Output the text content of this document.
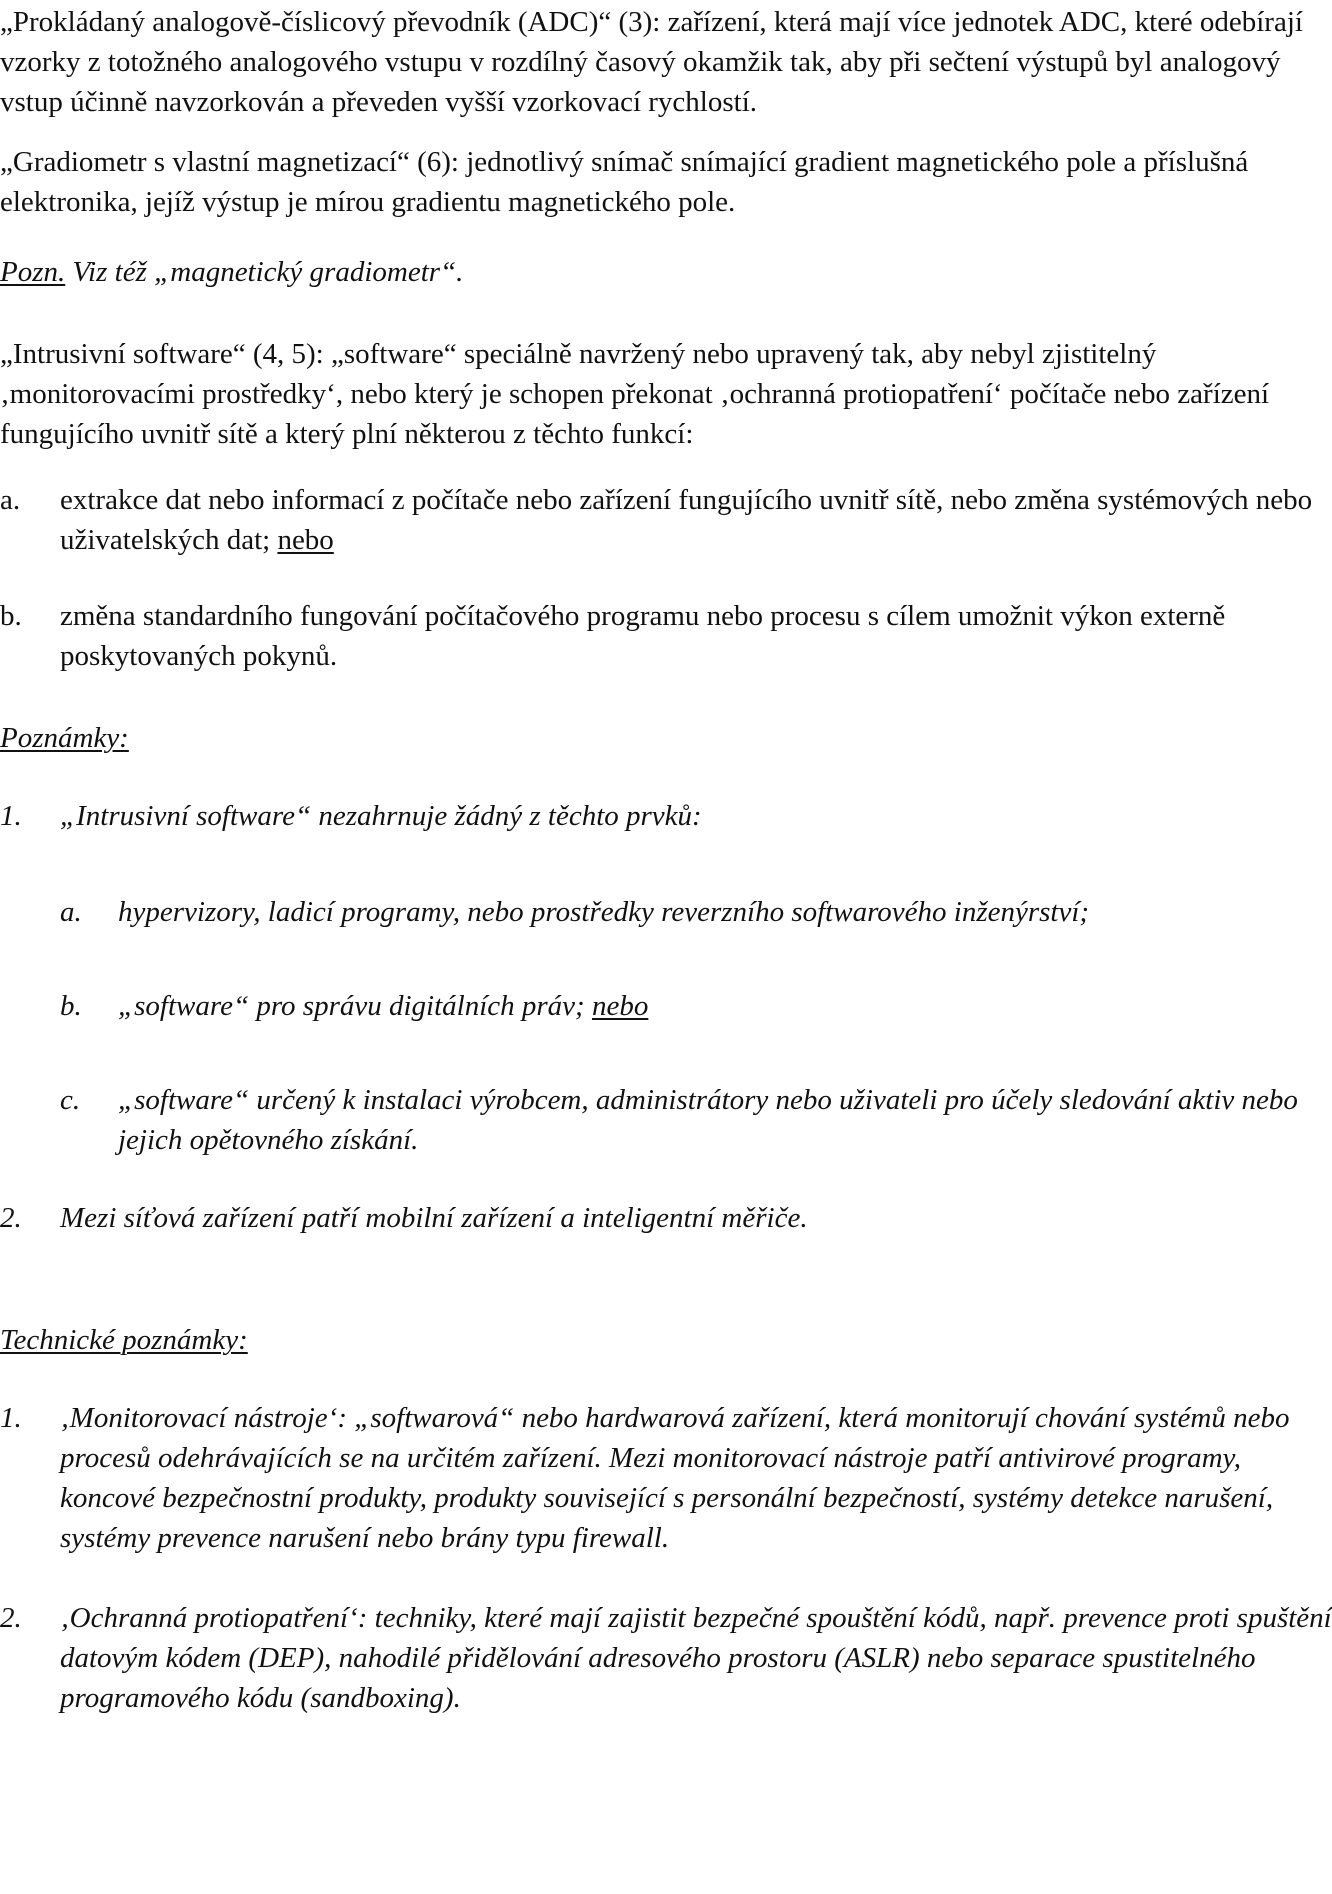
„Prokládaný analogově-číslicový převodník (ADC)“ (3): zařízení, která mají více jednotek ADC, které odebírají vzorky z totožného analogového vstupu v rozdílný časový okamžik tak, aby při sečtení výstupů byl analogový vstup účinně navzorkován a převeden vyšší vzorkovací rychlostí.

„Gradiometr s vlastní magnetizací“ (6): jednotlivý snímač snímající gradient magnetického pole a příslušná elektronika, jejíž výstup je mírou gradientu magnetického pole.

Pozn. Viz též „magnetický gradiometr“.

„Intrusivní software“ (4, 5): „software“ speciálně navržený nebo upravený tak, aby nebyl zjistitelný ‚monitorovacími prostředky‘, nebo který je schopen překonat ‚ochranná protiopatření‘ počítače nebo zařízení fungujícího uvnitř sítě a který plní některou z těchto funkcí:

a. extrakce dat nebo informací z počítače nebo zařízení fungujícího uvnitř sítě, nebo změna systémových nebo uživatelských dat; nebo
b. změna standardního fungování počítačového programu nebo procesu s cílem umožnit výkon externě poskytovaných pokynů.

Poznámky:

1. „Intrusivní software“ nezahrnuje žádný z těchto prvků:
a. hypervizory, ladicí programy, nebo prostředky reverzního softwarového inženýrství;
b. „software“ pro správu digitálních práv; nebo
c. „software“ určený k instalaci výrobcem, administrátory nebo uživateli pro účely sledování aktiv nebo jejich opětovného získání.
2. Mezi síťová zařízení patří mobilní zařízení a inteligentní měřiče.

Technické poznámky:

1. ‚Monitorovací nástroje‘: „softwarová“ nebo hardwarová zařízení, která monitorují chování systémů nebo procesů odehrávajících se na určitém zařízení. Mezi monitorovací nástroje patří antivirové programy, koncové bezpečnostní produkty, produkty související s personální bezpečností, systémy detekce narušení, systémy prevence narušení nebo brány typu firewall.
2. ‚Ochranná protiopatření‘: techniky, které mají zajistit bezpečné spouštění kódů, např. prevence proti spuštění datovým kódem (DEP), nahodilé přidělování adresového prostoru (ASLR) nebo separace spustitelného programového kódu (sandboxing).
